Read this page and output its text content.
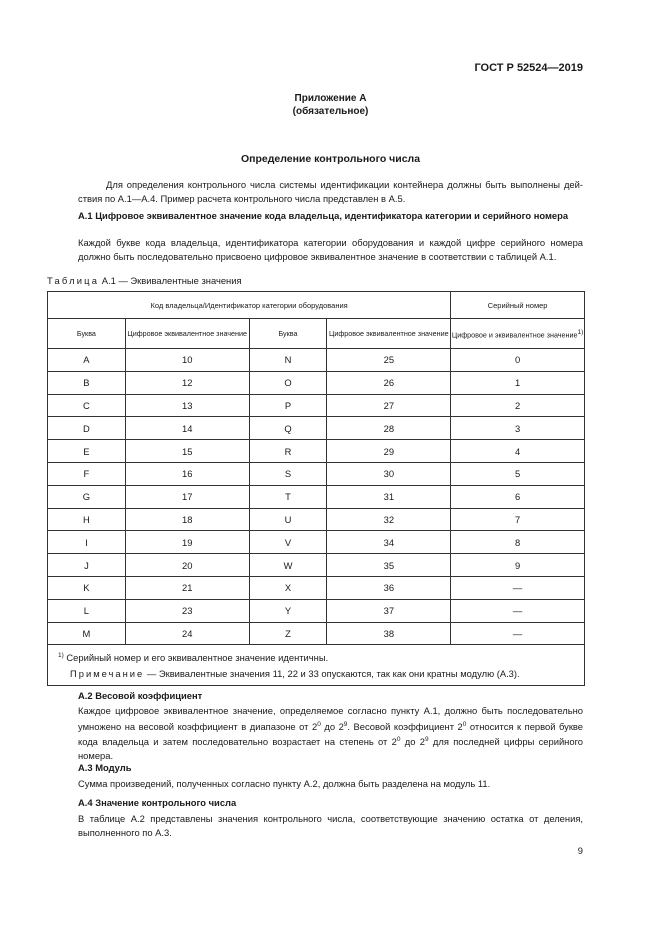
ГОСТ Р 52524—2019
Приложение А
(обязательное)
Определение контрольного числа
Для определения контрольного числа системы идентификации контейнера должны быть выполнены действия по А.1—А.4. Пример расчета контрольного числа представлен в А.5.
А.1 Цифровое эквивалентное значение кода владельца, идентификатора категории и серийного номера
Каждой букве кода владельца, идентификатора категории оборудования и каждой цифре серийного номера должно быть последовательно присвоено цифровое эквивалентное значение в соответствии с таблицей А.1.
Таблица А.1 — Эквивалентные значения
Код владельца/Идентификатор категории оборудования				Серийный номер
Буква	Цифровое эквивалентное значение	Буква	Цифровое эквивалентное значение	Цифровое и эквивалентное значение$^{1)}$
А	10	N	25	0
B	12	O	26	1
C	13	P	27	2
D	14	Q	28	3
E	15	R	29	4
F	16	S	30	5
G	17	T	31	6
H	18	U	32	7
I	19	V	34	8
J	20	W	35	9
K	21	X	36	—
L	23	Y	37	—
M	24	Z	38	—

$^{1)}$ Серийный номер и его эквивалентное значение идентичны.
Примечание — Эквивалентные значения 11, 22 и 33 опускаются, так как они кратны модулю (А.3).				
А.2 Весовой коэффициент
Каждое цифровое эквивалентное значение, определяемое согласно пункту А.1, должно быть последовательно умножено на весовой коэффициент в диапазоне от $2^0$ до $2^9$. Весовой коэффициент $2^0$ относится к первой букве кода владельца и затем последовательно возрастает на степень от $2^0$ до $2^9$ для последней цифры серийного номера.
А.3 Модуль
Сумма произведений, полученных согласно пункту А.2, должна быть разделена на модуль 11.
А.4 Значение контрольного числа
В таблице А.2 представлены значения контрольного числа, соответствующие значению остатка от деления, выполненного по А.3.
9
